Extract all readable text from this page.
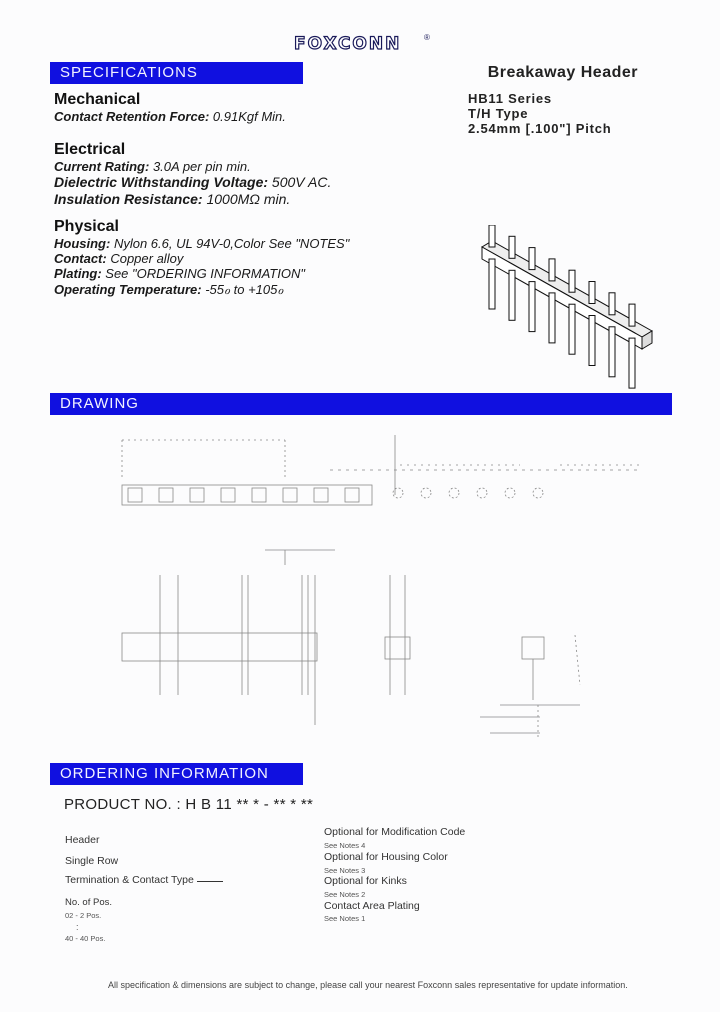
FOXCONN	®
Breakaway Header
HB11 Series
T/H Type
2.54mm [.100"] Pitch
SPECIFICATIONS
Mechanical
Contact Retention Force: 0.91Kgf Min.
Electrical
Current Rating: 3.0A per pin min.
Dielectric Withstanding Voltage: 500V AC.
Insulation Resistance: 1000MΩ min.
Physical
Housing: Nylon 6.6, UL 94V-0,Color See "NOTES"
Contact: Copper alloy
Plating: See "ORDERING INFORMATION"
Operating Temperature: -55ℴ to +105ℴ
DRAWING
ORDERING INFORMATION
PRODUCT NO. : H B 11 ** * - ** * **
Header
Single Row
Termination & Contact Type
No. of Pos.
02 - 2 Pos.
:
40 - 40 Pos.
Optional for Modification Code
See Notes 4
Optional for Housing Color
See Notes 3
Optional for Kinks
See Notes 2
Contact Area Plating
See Notes 1
All specification & dimensions are subject to change, please call your nearest Foxconn sales representative for update information.
